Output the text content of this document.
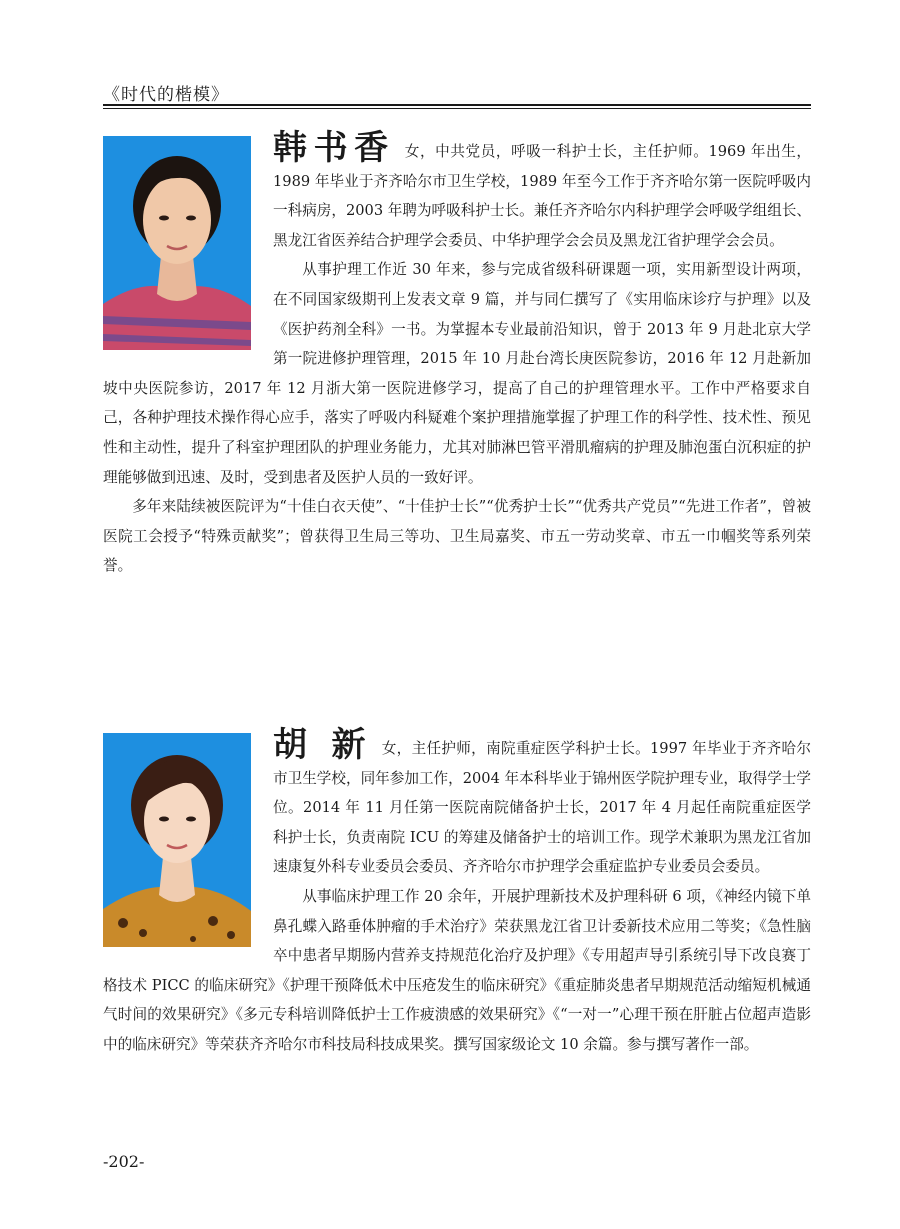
《时代的楷模》

韩书香 女，中共党员，呼吸一科护士长，主任护师。1969 年出生，1989 年毕业于齐齐哈尔市卫生学校，1989 年至今工作于齐齐哈尔第一医院呼吸内一科病房，2003 年聘为呼吸科护士长。兼任齐齐哈尔内科护理学会呼吸学组组长、黑龙江省医养结合护理学会委员、中华护理学会会员及黑龙江省护理学会会员。

从事护理工作近 30 年来，参与完成省级科研课题一项，实用新型设计两项，在不同国家级期刊上发表文章 9 篇，并与同仁撰写了《实用临床诊疗与护理》以及《医护药剂全科》一书。为掌握本专业最前沿知识，曾于 2013 年 9 月赴北京大学第一院进修护理管理，2015 年 10 月赴台湾长庚医院参访，2016 年 12 月赴新加坡中央医院参访，2017 年 12 月浙大第一医院进修学习，提高了自己的护理管理水平。工作中严格要求自己，各种护理技术操作得心应手，落实了呼吸内科疑难个案护理措施掌握了护理工作的科学性、技术性、预见性和主动性，提升了科室护理团队的护理业务能力，尤其对肺淋巴管平滑肌瘤病的护理及肺泡蛋白沉积症的护理能够做到迅速、及时，受到患者及医护人员的一致好评。

多年来陆续被医院评为“十佳白衣天使”、“十佳护士长”“优秀护士长”“优秀共产党员”“先进工作者”，曾被医院工会授予“特殊贡献奖”；曾获得卫生局三等功、卫生局嘉奖、市五一劳动奖章、市五一巾帼奖等系列荣誉。

胡 新 女，主任护师，南院重症医学科护士长。1997 年毕业于齐齐哈尔市卫生学校，同年参加工作，2004 年本科毕业于锦州医学院护理专业，取得学士学位。2014 年 11 月任第一医院南院储备护士长，2017 年 4 月起任南院重症医学科护士长，负责南院 ICU 的筹建及储备护士的培训工作。现学术兼职为黑龙江省加速康复外科专业委员会委员、齐齐哈尔市护理学会重症监护专业委员会委员。

从事临床护理工作 20 余年，开展护理新技术及护理科研 6 项，《神经内镜下单鼻孔蝶入路垂体肿瘤的手术治疗》荣获黑龙江省卫计委新技术应用二等奖；《急性脑卒中患者早期肠内营养支持规范化治疗及护理》《专用超声导引系统引导下改良赛丁格技术 PICC 的临床研究》《护理干预降低术中压疮发生的临床研究》《重症肺炎患者早期规范活动缩短机械通气时间的效果研究》《多元专科培训降低护士工作疲溃感的效果研究》《“一对一”心理干预在肝脏占位超声造影中的临床研究》等荣获齐齐哈尔市科技局科技成果奖。撰写国家级论文 10 余篇。参与撰写著作一部。

-202-
